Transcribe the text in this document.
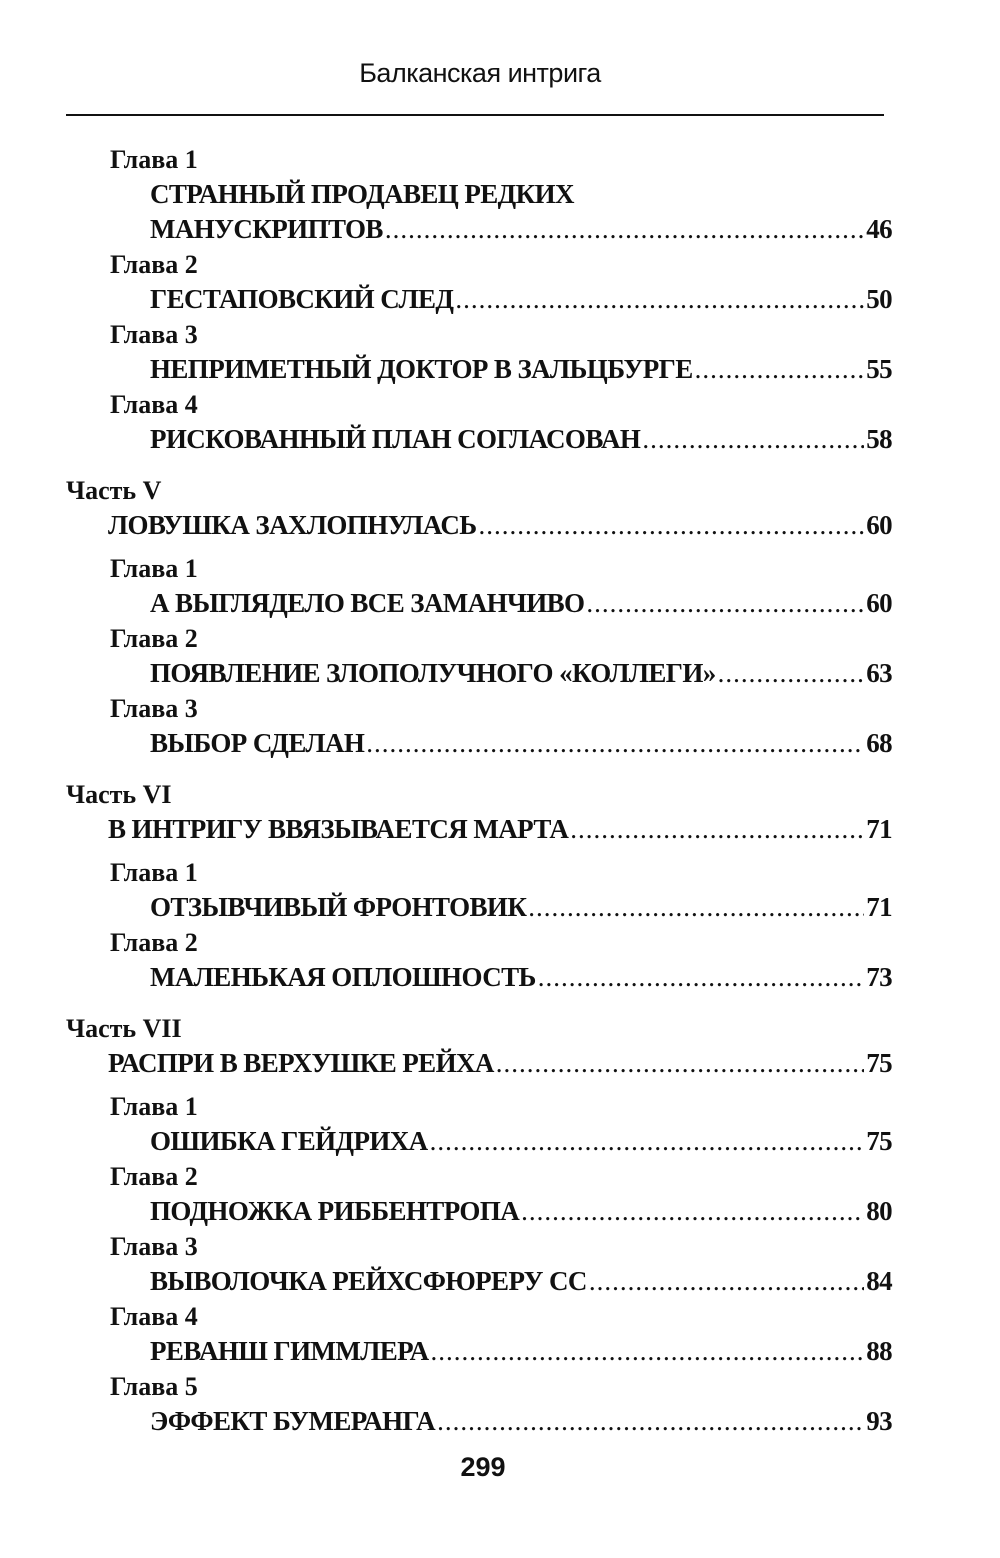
Балканская интрига
Глава 1
СТРАННЫЙ ПРОДАВЕЦ РЕДКИХ
МАНУСКРИПТОВ .....	46
Глава 2
ГЕСТАПОВСКИЙ СЛЕД .....	50
Глава 3
НЕПРИМЕТНЫЙ ДОКТОР В ЗАЛЬЦБУРГЕ .....	55
Глава 4
РИСКОВАННЫЙ ПЛАН СОГЛАСОВАН .....	58
Часть V
ЛОВУШКА ЗАХЛОПНУЛАСЬ .....	60
Глава 1
А ВЫГЛЯДЕЛО ВСЕ ЗАМАНЧИВО .....	60
Глава 2
ПОЯВЛЕНИЕ ЗЛОПОЛУЧНОГО «КОЛЛЕГИ» .....	63
Глава 3
ВЫБОР СДЕЛАН .....	68
Часть VI
В ИНТРИГУ ВВЯЗЫВАЕТСЯ МАРТА .....	71
Глава 1
ОТЗЫВЧИВЫЙ ФРОНТОВИК .....	71
Глава 2
МАЛЕНЬКАЯ ОПЛОШНОСТЬ .....	73
Часть VII
РАСПРИ В ВЕРХУШКЕ РЕЙХА .....	75
Глава 1
ОШИБКА ГЕЙДРИХА .....	75
Глава 2
ПОДНОЖКА РИББЕНТРОПА .....	80
Глава 3
ВЫВОЛОЧКА РЕЙХСФЮРЕРУ СС .....	84
Глава 4
РЕВАНШ ГИММЛЕРА .....	88
Глава 5
ЭФФЕКТ БУМЕРАНГА .....	93
299
